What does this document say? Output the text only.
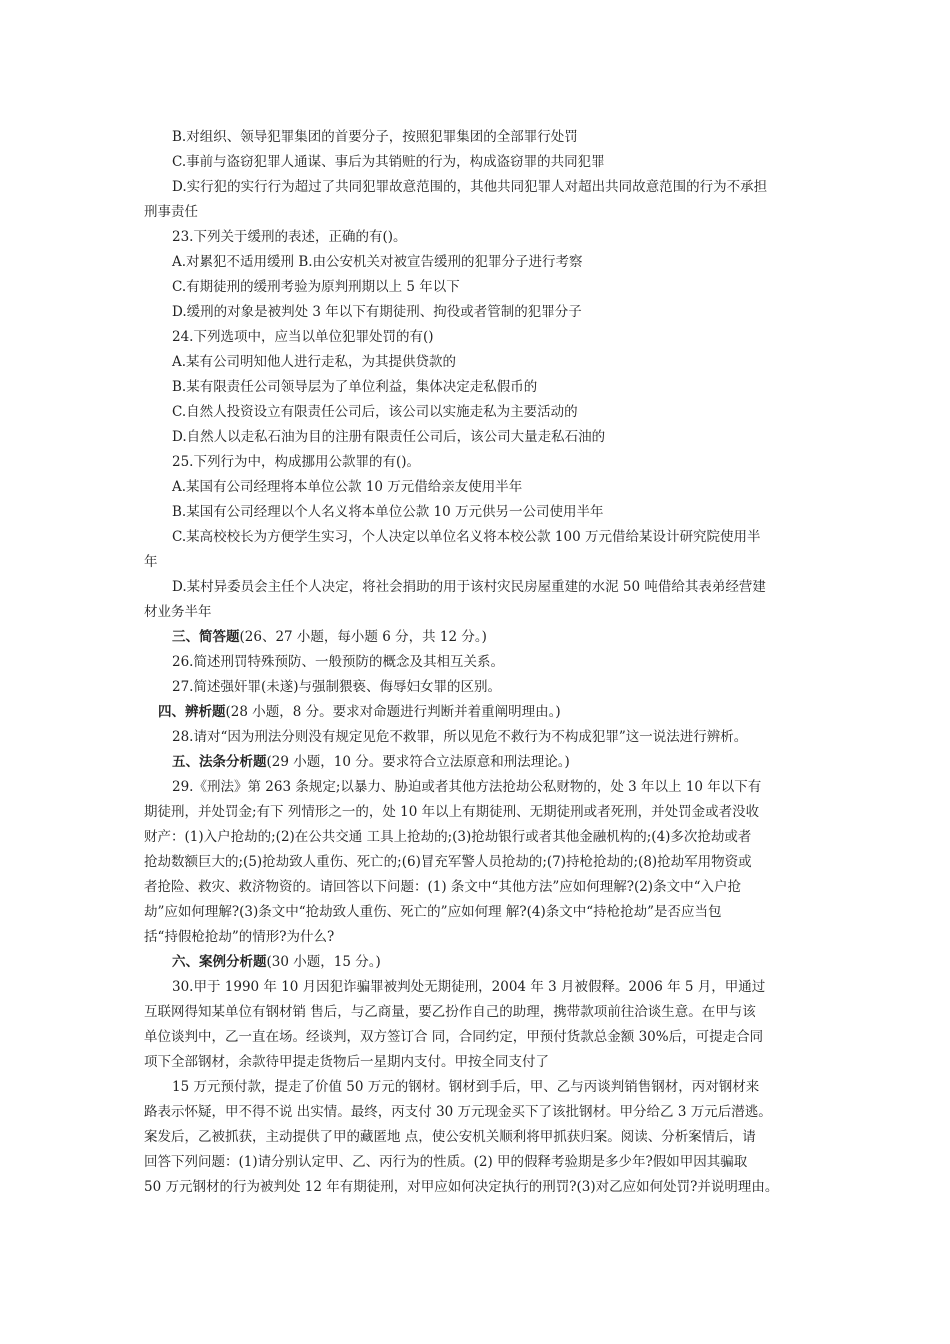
B.对组织、领导犯罪集团的首要分子，按照犯罪集团的全部罪行处罚
C.事前与盗窃犯罪人通谋、事后为其销赃的行为，构成盗窃罪的共同犯罪
D.实行犯的实行行为超过了共同犯罪故意范围的，其他共同犯罪人对超出共同故意范围的行为不承担
刑事责任
23.下列关于缓刑的表述，正确的有()。
A.对累犯不适用缓刑 B.由公安机关对被宣告缓刑的犯罪分子进行考察
C.有期徒刑的缓刑考验为原判刑期以上 5 年以下
D.缓刑的对象是被判处 3 年以下有期徒刑、拘役或者管制的犯罪分子
24.下列选项中，应当以单位犯罪处罚的有()
A.某有公司明知他人进行走私，为其提供贷款的
B.某有限责任公司领导层为了单位利益，集体决定走私假币的
C.自然人投资设立有限责任公司后，该公司以实施走私为主要活动的
D.自然人以走私石油为目的注册有限责任公司后，该公司大量走私石油的
25.下列行为中，构成挪用公款罪的有()。
A.某国有公司经理将本单位公款 10 万元借给亲友使用半年
B.某国有公司经理以个人名义将本单位公款 10 万元供另一公司使用半年
C.某高校校长为方便学生实习，个人决定以单位名义将本校公款 100 万元借给某设计研究院使用半
年
D.某村异委员会主任个人决定，将社会捐助的用于该村灾民房屋重建的水泥 50 吨借给其表弟经营建
材业务半年
三、简答题(26、27 小题，每小题 6 分，共 12 分。)
26.简述刑罚特殊预防、一般预防的概念及其相互关系。
27.简述强奸罪(未遂)与强制猥亵、侮辱妇女罪的区别。
四、辨析题(28 小题，8 分。要求对命题进行判断并着重阐明理由。)
28.请对“因为刑法分则没有规定见危不救罪，所以见危不救行为不构成犯罪”这一说法进行辨析。
五、法条分析题(29 小题，10 分。要求符合立法原意和刑法理论。)
29.《刑法》第 263 条规定;以暴力、胁迫或者其他方法抢劫公私财物的，处 3 年以上 10 年以下有
期徒刑，并处罚金;有下 列情形之一的，处 10 年以上有期徒刑、无期徒刑或者死刑，并处罚金或者没收
财产：(1)入户抢劫的;(2)在公共交通 工具上抢劫的;(3)抢劫银行或者其他金融机构的;(4)多次抢劫或者
抢劫数额巨大的;(5)抢劫致人重伤、死亡的;(6)冒充军警人员抢劫的;(7)持枪抢劫的;(8)抢劫军用物资或
者抢险、救灾、救济物资的。请回答以下问题：(1) 条文中“其他方法”应如何理解?(2)条文中“入户抢
劫”应如何理解?(3)条文中“抢劫致人重伤、死亡的”应如何理 解?(4)条文中“持枪抢劫”是否应当包
括“持假枪抢劫”的情形?为什么?
六、案例分析题(30 小题，15 分。)
30.甲于 1990 年 10 月因犯诈骗罪被判处无期徒刑，2004 年 3 月被假释。2006 年 5 月，甲通过
互联网得知某单位有钢材销 售后，与乙商量，要乙扮作自己的助理，携带款项前往洽谈生意。在甲与该
单位谈判中，乙一直在场。经谈判，双方签订合 同，合同约定，甲预付货款总金额 30%后，可提走合同
项下全部钢材，余款待甲提走货物后一星期内支付。甲按全同支付了
15 万元预付款，提走了价值 50 万元的钢材。钢材到手后，甲、乙与丙谈判销售钢材，丙对钢材来
路表示怀疑，甲不得不说 出实情。最终，丙支付 30 万元现金买下了该批钢材。甲分给乙 3 万元后潜逃。
案发后，乙被抓获，主动提供了甲的藏匿地 点，使公安机关顺利将甲抓获归案。阅读、分析案情后，请
回答下列问题：(1)请分别认定甲、乙、丙行为的性质。(2) 甲的假释考验期是多少年?假如甲因其骗取
50 万元钢材的行为被判处 12 年有期徒刑，对甲应如何决定执行的刑罚?(3)对乙应如何处罚?并说明理由。
